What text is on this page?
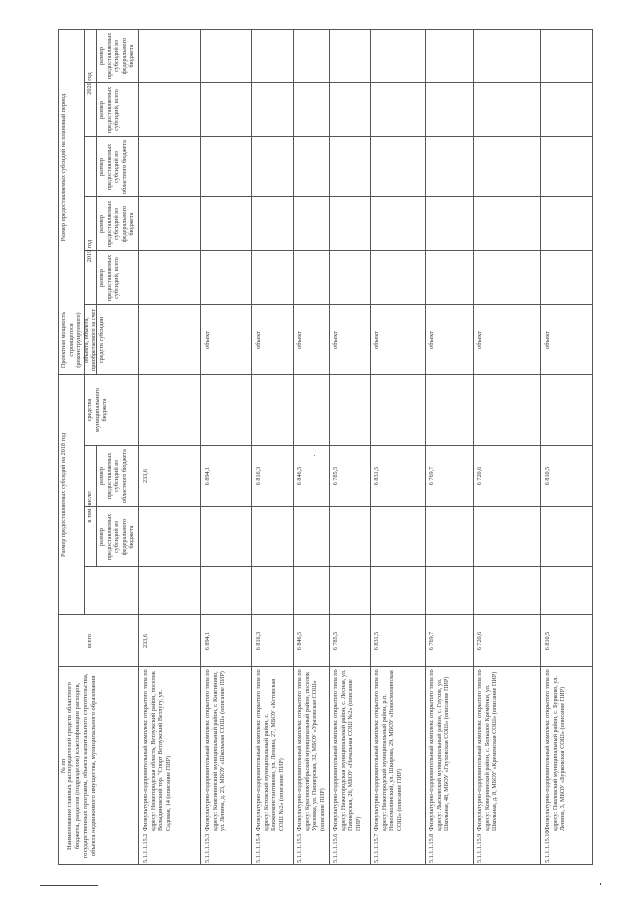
№ пп Наименование главных распорядителей средств областного бюджета, разделов (подразделов) классификации расходов, государственных программ, объекта капитального строительства, объекта недвижимого имущества, муниципального образования
Размер предоставляемых субсидий на 2018 год
всего
в том числе:
размер предоставляемых субсидий из федерального бюджета
размер предоставляемых субсидий из областного бюджета
средства муниципального бюджета
Проектная мощность строящегося (реконструируемого) объекта, объекта, приобретаемого за счет средств субсидии
Размер предоставляемых субсидий на плановый период
2019 год
2020 год
размер предоставляемых субсидий, всего
размер предоставляемых субсидий из федерального бюджета
размер предоставляемых субсидий из областного бюджета
размер предоставляемых субсидий, всего
размер предоставляемых субсидий из федерального бюджета
5.1.1.1.15.2
Физкультурно-оздоровительный комплекс открытого типа по адресу: Нижегородская область, Ветлужский район, поселок Волыдиновский тор. "Спорт Ветлужский Ветлугу, ул. Садовая, 14 (описание ПИР)
233,6
233,6
5.1.1.1.15.3
Физкультурно-оздоровительный комплекс открытого типа по адресу: Княгининский муниципальный район, г. Княгинино, ул. Ленина, д. 23, МБОУ «Школьная СОШ» (описание ПИР)
6 894,1
6 894,1
объект
5.1.1.1.15.4
Физкультурно-оздоровительный комплекс открытого типа по адресу: Кстовский муниципальный район, с. Ближнеконстантиново, ул. Ленина, 27, МБОУ «Кстовская СОШ №2» (описание ПИР)
6 816,3
6 816,3
объект
5.1.1.1.15.5
Физкультурно-оздоровительный комплекс открытого типа по адресу: Краснооктябрьский муниципальный район, поселок Уразовка, ул. Пионерская, 32, МБОУ «Уразовская СОШ» (описание ПИР)
6 846,5
6 846,5
объект
5.1.1.1.15.6
Физкультурно-оздоровительный комплекс открытого типа по адресу: Нижегородская муниципальный район, с. Лесная, ул. Пионерская, 26, МБОУ «Начальная СОШ №2» (описание ПИР)
6 785,5
6 785,5
объект
5.1.1.1.15.7
Физкультурно-оздоровительный комплекс открытого типа по адресу: Нижегородский муниципальный район, р.п. Новосмолинский, ул. Шкирова, 29, МБОУ «Новосмолинская СОШ» (описание ПИР)
6 831,5
6 831,5
объект
5.1.1.1.15.8
Физкультурно-оздоровительный комплекс открытого типа по адресу: Лысковский муниципальный район, с. Глухов, ул. Школьная, 48, МБОУ «Глуховская СОШ» (описание ПИР)
6 769,7
6 769,7
объект
5.1.1.1.15.9
Физкультурно-оздоровительный комплекс открытого типа по адресу: Ковернинский район, с. Большое Кремёнки, ул. Школьная, д. 8, МБОУ «Кременская СОШ» (описание ПИР)
6 720,6
6 720,6
объект
5.1.1.1.15.10
Физкультурно-оздоровительный комплекс открытого типа по адресу: Павловский муниципальный район, с. Бурково, ул. Ленина, 3, МБОУ «Бурковская СОШ» (описание ПИР)
6 810,5
6 810,5
объект
